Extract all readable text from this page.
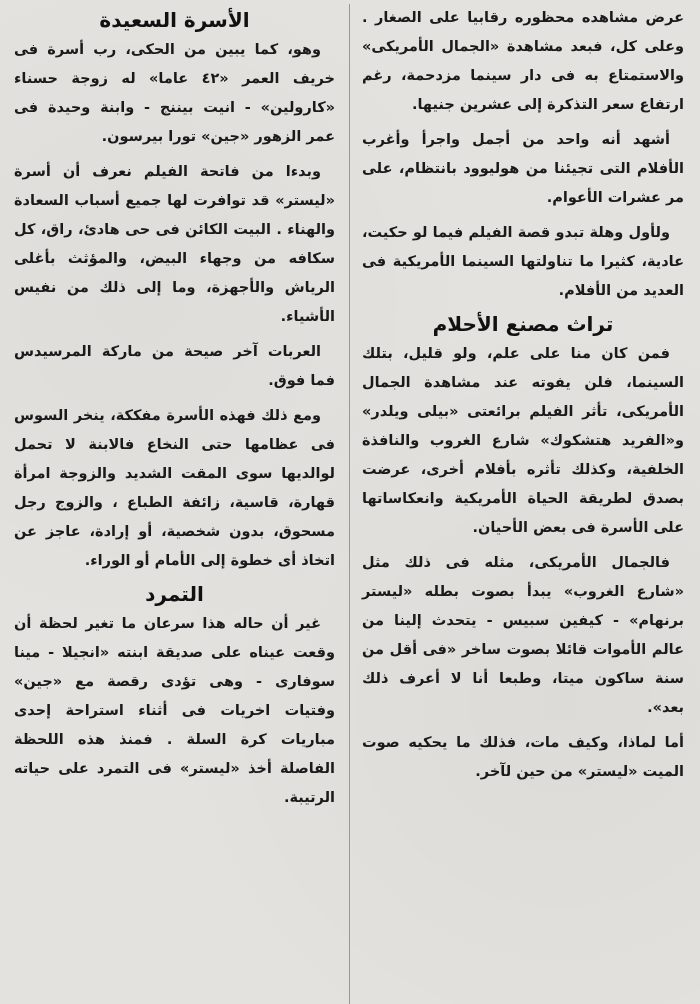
عرض مشاهده محظوره رقابيا على الصغار . وعلى كل، فبعد مشاهدة «الجمال الأمريكى» والاستمتاع به فى دار سينما مزدحمة، رغم ارتفاع سعر التذكرة إلى عشرين جنيها.

أشهد أنه واحد من أجمل واجرأ وأغرب الأفلام التى تجيئنا من هوليوود بانتظام، على مر عشرات الأعوام.

ولأول وهلة تبدو قصة الفيلم فيما لو حكيت، عادية، كثيرا ما تناولتها السينما الأمريكية فى العديد من الأفلام.

تراث مصنع الأحلام

فمن كان منا على علم، ولو قليل، بتلك السينما، فلن يفوته عند مشاهدة الجمال الأمريكى، تأثر الفيلم برائعتى «بيلى ويلدر» و«الفريد هتشكوك» شارع الغروب والنافذة الخلفية، وكذلك تأثره بأفلام أخرى، عرضت بصدق لطريقة الحياة الأمريكية وانعكاساتها على الأسرة فى بعض الأحيان.

فالجمال الأمريكى، مثله فى ذلك مثل «شارع الغروب» يبدأ بصوت بطله «ليستر برنهام» - كيفين سبيس - يتحدث إلينا من عالم الأموات قائلا بصوت ساخر «فى أقل من سنة ساكون ميتا، وطبعا أنا لا أعرف ذلك بعد».

أما لماذا، وكيف مات، فذلك ما يحكيه صوت الميت «ليستر» من حين لآخر.

الأسرة السعيدة

وهو، كما يبين من الحكى، رب أسرة فى خريف العمر «٤٢ عاما» له زوجة حسناء «كارولين» - انيت بيننج - وابنة وحيدة فى عمر الزهور «جين» تورا بيرسون.

وبدءا من فاتحة الفيلم نعرف أن أسرة «ليستر» قد توافرت لها جميع أسباب السعادة والهناء . البيت الكائن فى حى هادئ، راق، كل سكافه من وجهاء البيض، والمؤثث بأغلى الرياش والأجهزة، وما إلى ذلك من نفيس الأشياء.

العربات آخر صيحة من ماركة المرسيدس فما فوق.

ومع ذلك فهذه الأسرة مفككة، ينخر السوس فى عظامها حتى النخاع فالابنة لا تحمل لوالديها سوى المقت الشديد والزوجة امرأة قهارة، قاسية، زائفة الطباع ، والزوج رجل مسحوق، بدون شخصية، أو إرادة، عاجز عن اتخاذ أى خطوة إلى الأمام أو الوراء.

التمرد

غير أن حاله هذا سرعان ما تغير لحظة أن وقعت عيناه على صديقة ابنته «انجيلا - مينا سوفارى - وهى تؤدى رقصة مع «جين» وفتيات اخريات فى أثناء استراحة إحدى مباريات كرة السلة . فمنذ هذه اللحظة الفاصلة أخذ «ليستر» فى التمرد على حياته الرتيبة.
